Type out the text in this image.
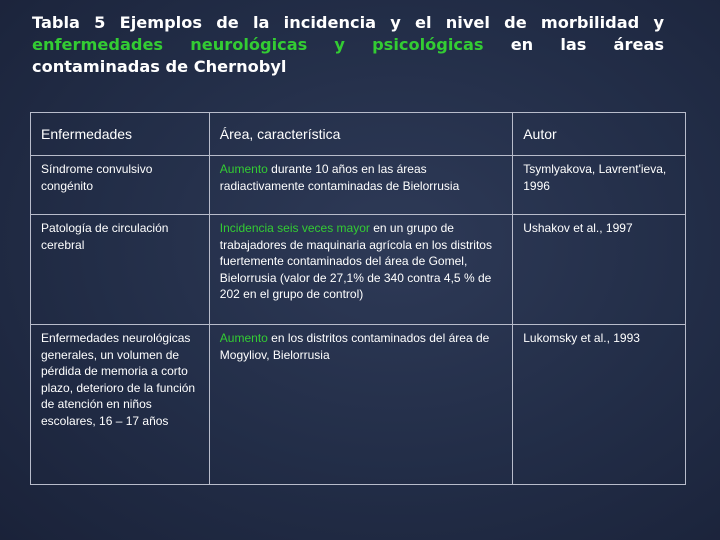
Tabla 5 Ejemplos de la incidencia y el nivel de morbilidad y enfermedades neurológicas y psicológicas en las áreas contaminadas de Chernobyl
Enfermedades	Área, característica	Autor
Síndrome convulsivo congénito	Aumento durante 10 años en las áreas radiactivamente contaminadas de Bielorrusia	Tsymlyakova, Lavrent'ieva, 1996
Patología de circulación cerebral	Incidencia seis veces mayor en un grupo de trabajadores de maquinaria agrícola en los distritos fuertemente contaminados del área de Gomel, Bielorrusia (valor de 27,1% de 340 contra 4,5 % de 202 en el grupo de control)	Ushakov et al., 1997
Enfermedades neurológicas generales, un volumen de pérdida de memoria a corto plazo, deterioro de la función de atención en niños escolares, 16 – 17 años	Aumento en los distritos contaminados del área de Mogyliov, Bielorrusia	Lukomsky et al., 1993
